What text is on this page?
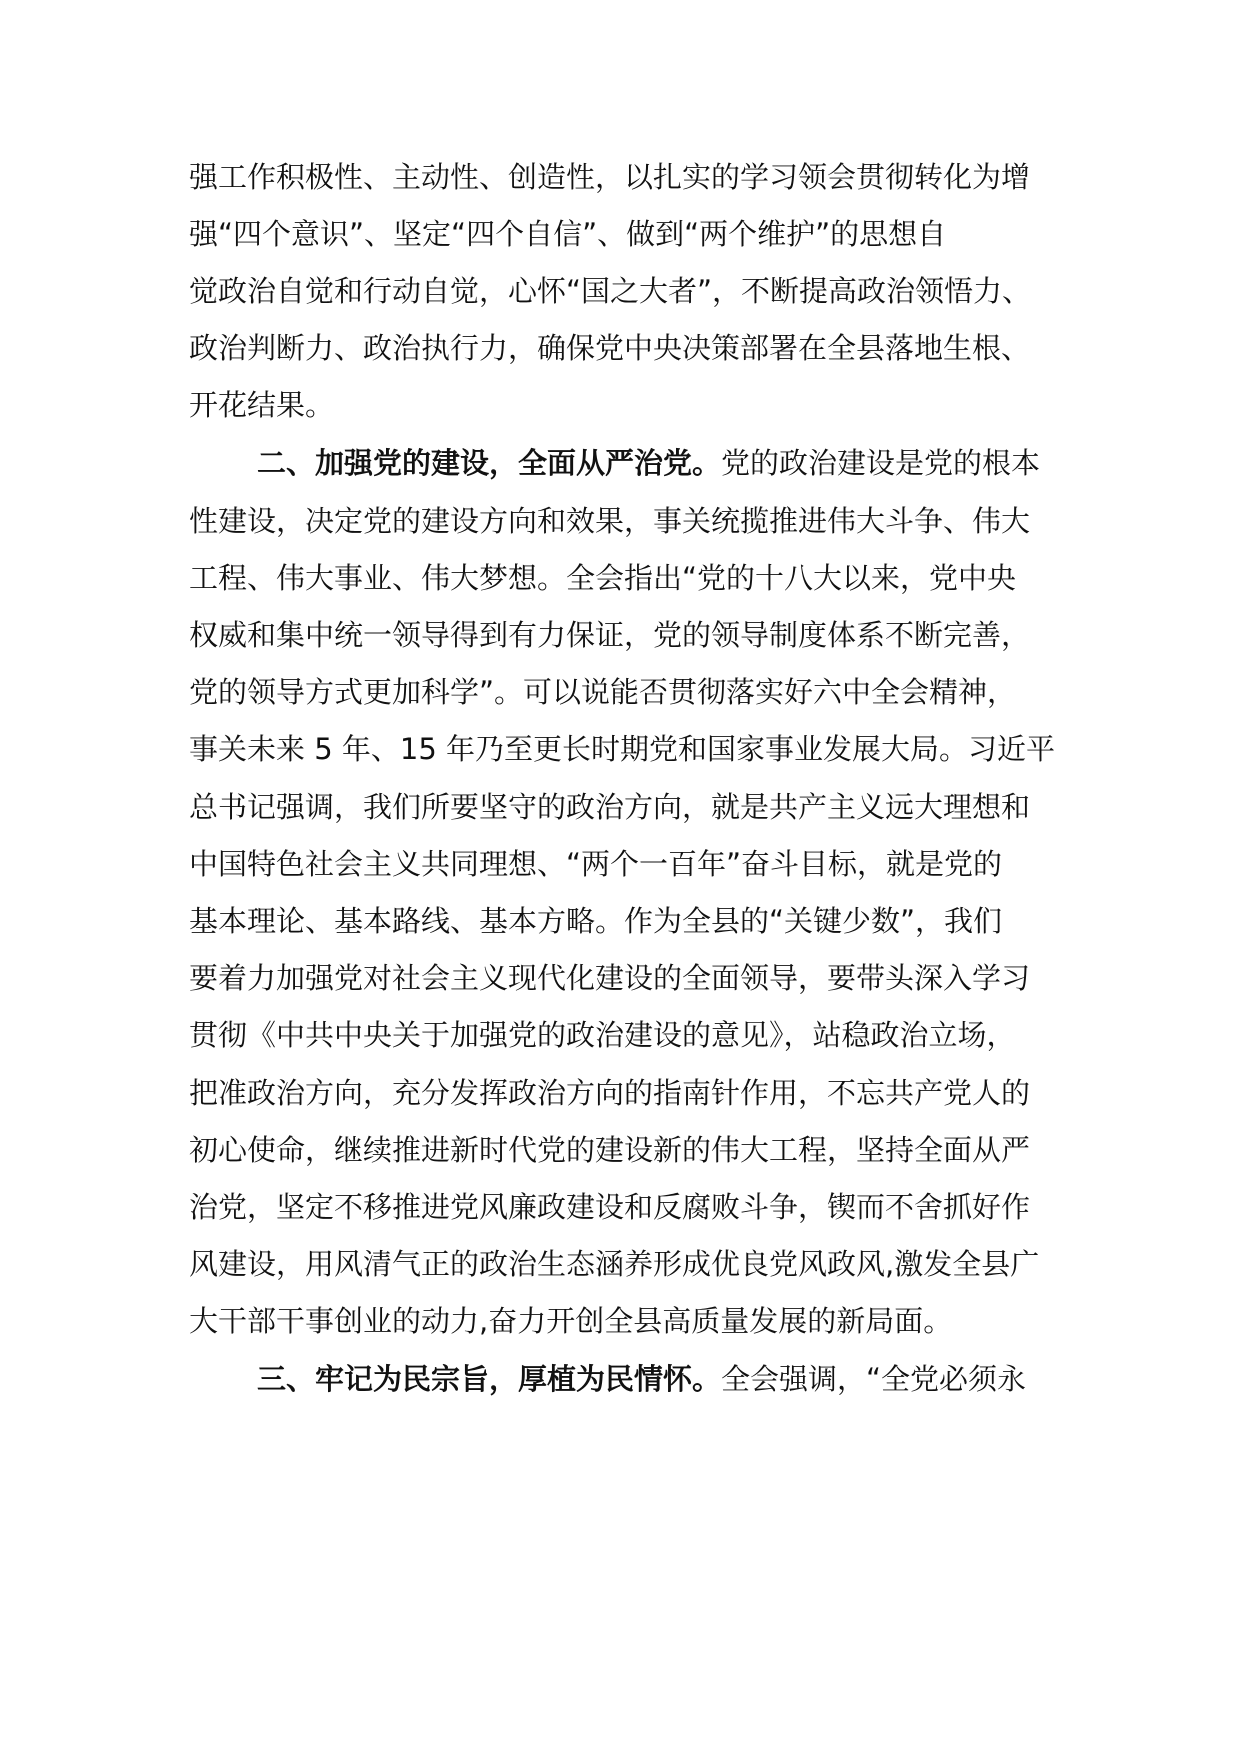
强工作积极性、主动性、创造性，以扎实的学习领会贯彻转化为增
强“四个意识”、坚定“四个自信”、做到“两个维护”的思想自
觉政治自觉和行动自觉，心怀“国之大者”，不断提高政治领悟力、
政治判断力、政治执行力，确保党中央决策部署在全县落地生根、
开花结果。
二、加强党的建设，全面从严治党。党的政治建设是党的根本
性建设，决定党的建设方向和效果，事关统揽推进伟大斗争、伟大
工程、伟大事业、伟大梦想。全会指出“党的十八大以来，党中央
权威和集中统一领导得到有力保证，党的领导制度体系不断完善，
党的领导方式更加科学”。可以说能否贯彻落实好六中全会精神，
事关未来 5 年、15 年乃至更长时期党和国家事业发展大局。习近平
总书记强调，我们所要坚守的政治方向，就是共产主义远大理想和
中国特色社会主义共同理想、“两个一百年”奋斗目标，就是党的
基本理论、基本路线、基本方略。作为全县的“关键少数”，我们
要着力加强党对社会主义现代化建设的全面领导，要带头深入学习
贯彻《中共中央关于加强党的政治建设的意见》，站稳政治立场，
把准政治方向，充分发挥政治方向的指南针作用，不忘共产党人的
初心使命，继续推进新时代党的建设新的伟大工程，坚持全面从严
治党，坚定不移推进党风廉政建设和反腐败斗争，锲而不舍抓好作
风建设，用风清气正的政治生态涵养形成优良党风政风,激发全县广
大干部干事创业的动力,奋力开创全县高质量发展的新局面。
三、牢记为民宗旨，厚植为民情怀。全会强调，“全党必须永
